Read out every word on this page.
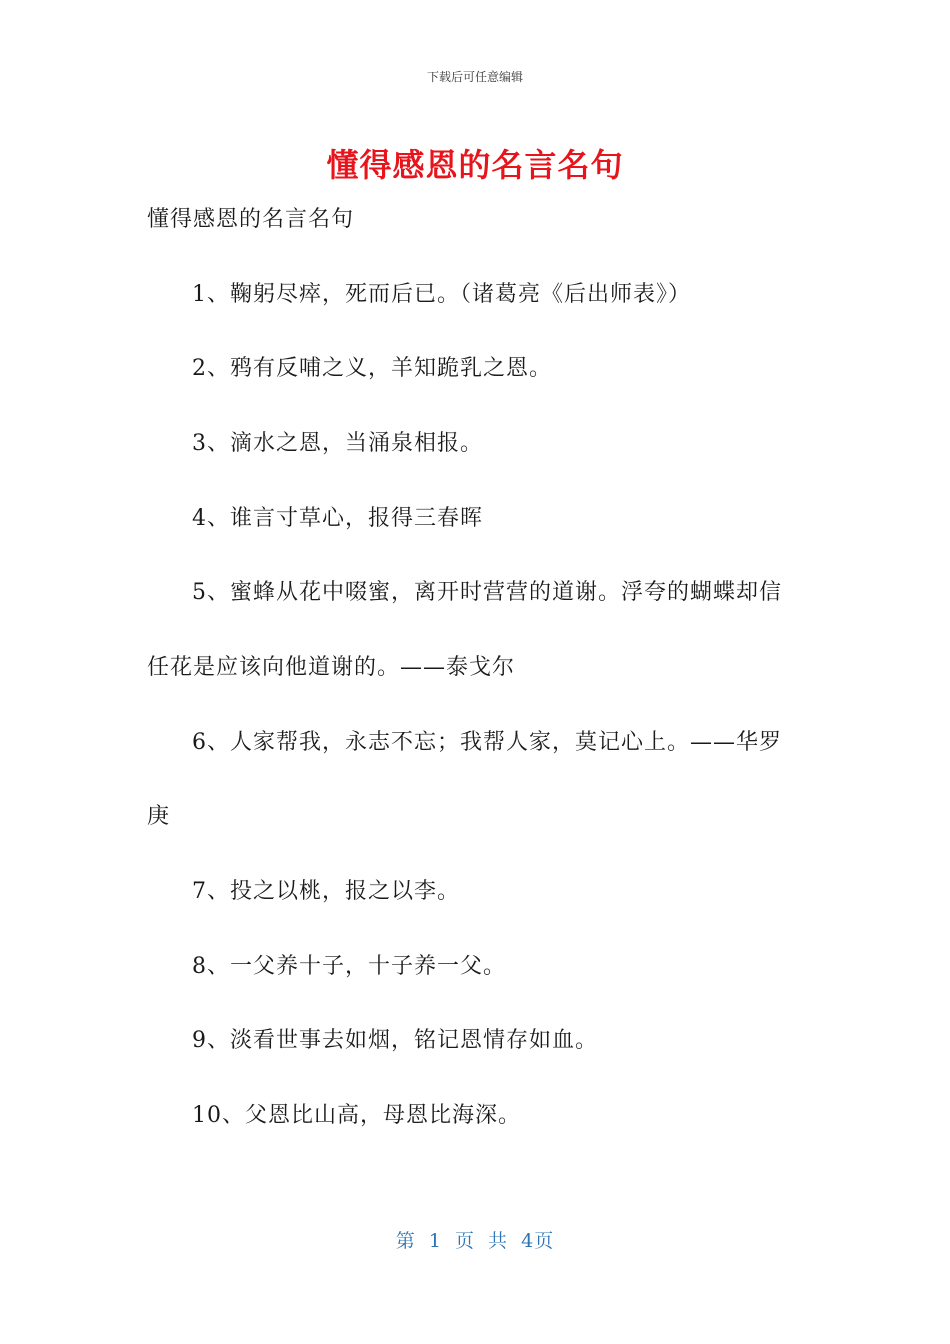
下载后可任意编辑
懂得感恩的名言名句
懂得感恩的名言名句
1、鞠躬尽瘁，死而后已。（诸葛亮《后出师表》）
2、鸦有反哺之义，羊知跪乳之恩。
3、滴水之恩，当涌泉相报。
4、谁言寸草心，报得三春晖
5、蜜蜂从花中啜蜜，离开时营营的道谢。浮夸的蝴蝶却信
任花是应该向他道谢的。——泰戈尔
6、人家帮我，永志不忘；我帮人家，莫记心上。——华罗
庚
7、投之以桃，报之以李。
8、一父养十子，十子养一父。
9、淡看世事去如烟，铭记恩情存如血。
10、父恩比山高，母恩比海深。
第 1 页 共 4页
